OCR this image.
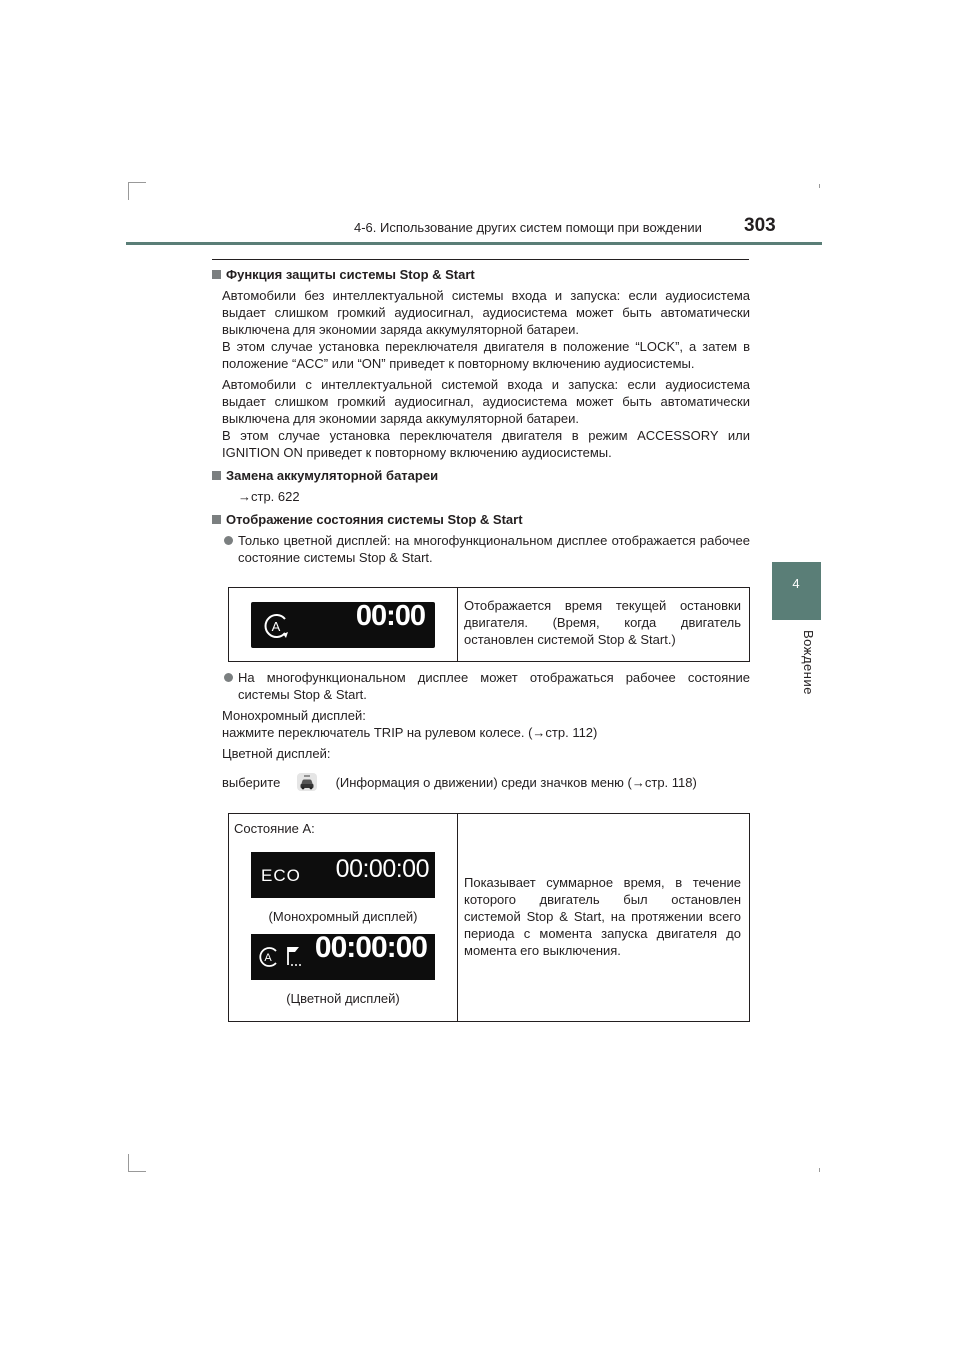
4-6. Использование других систем помощи при вождении 303
4
Вождение

Функция защиты системы Stop & Start

Автомобили без интеллектуальной системы входа и запуска: если аудиосистема выдает слишком громкий аудиосигнал, аудиосистема может быть автоматически выключена для экономии заряда аккумуляторной батареи.

В этом случае установка переключателя двигателя в положение “LOCK”, а затем в положение “ACC” или “ON” приведет к повторному включению аудиосистемы.

Автомобили с интеллектуальной системой входа и запуска: если аудиосистема выдает слишком громкий аудиосигнал, аудиосистема может быть автоматически выключена для экономии заряда аккумуляторной батареи.

В этом случае установка переключателя двигателя в режим ACCESSORY или IGNITION ON приведет к повторному включению аудиосистемы.

Замена аккумуляторной батареи

→стр. 622

Отображение состояния системы Stop & Start

Только цветной дисплей: на многофункциональном дисплее отображается рабочее состояние системы Stop & Start.

A	00:00	Отображается время текущей остановки двигателя. (Время, когда двигатель остановлен системой Stop & Start.)

На многофункциональном дисплее может отображаться рабочее состояние системы Stop & Start.

Монохромный дисплей:

нажмите переключатель TRIP на рулевом колесе. (→стр. 112)

Цветной дисплей:

выберите	(Информация о движении) среди значков меню (→стр. 118)

Состояние A:
ECO 00:00:00
(Монохромный дисплей)
A 00:00:00
(Цветной дисплей)

Показывает суммарное время, в течение которого двигатель был остановлен системой Stop & Start, на протяжении всего периода с момента запуска двигателя до момента его выключения.
